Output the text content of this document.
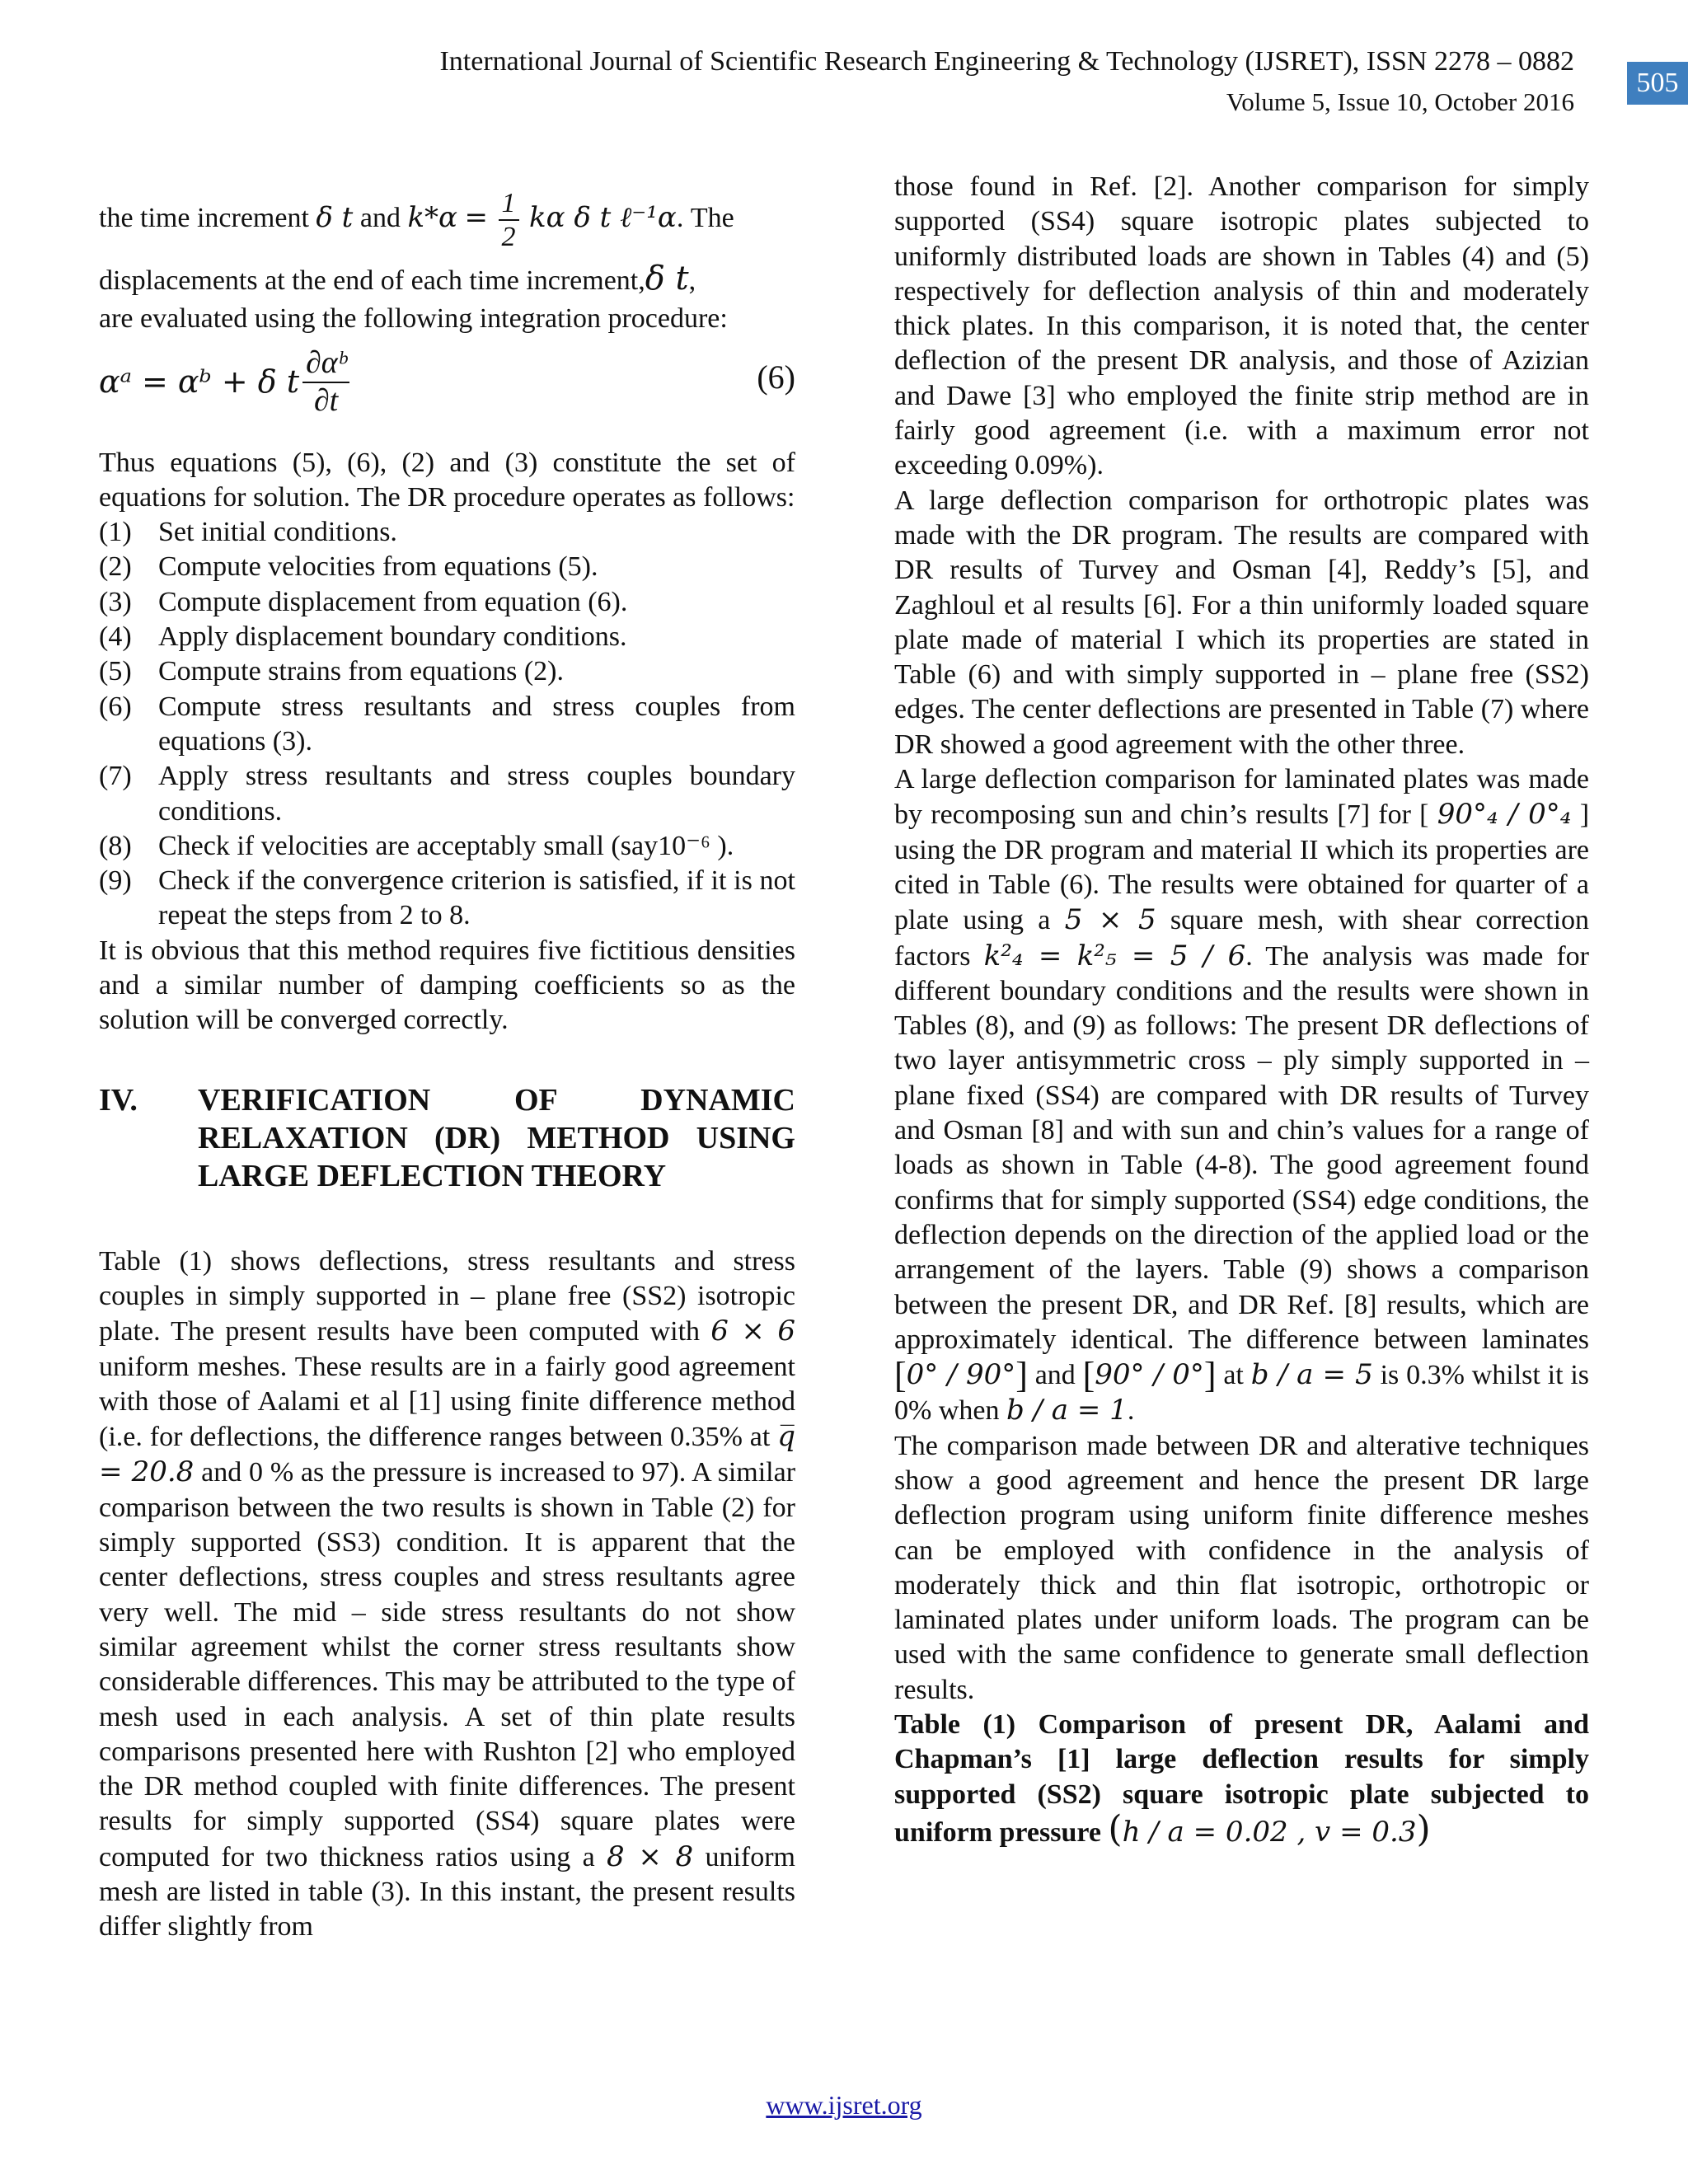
International Journal of Scientific Research Engineering & Technology (IJSRET), ISSN 2278 – 0882
Volume 5, Issue 10, October 2016
505

the time increment δ t and $k*\alpha = \frac{1}{2}$ kα δ t ℓ⁻¹α. The

displacements at the end of each time increment,δ t,

are evaluated using the following integration procedure:

αᵃ = αᵇ + δ t $\frac{\text{∂αᵇ}}{\partial t}$	(6)

Thus equations (5), (6), (2) and (3) constitute the set of equations for solution. The DR procedure operates as follows:

(1) Set initial conditions.
(2) Compute velocities from equations (5).
(3) Compute displacement from equation (6).
(4) Apply displacement boundary conditions.
(5) Compute strains from equations (2).
(6) Compute stress resultants and stress couples from equations (3).
(7) Apply stress resultants and stress couples boundary conditions.
(8) Check if velocities are acceptably small (say10⁻⁶ ).
(9) Check if the convergence criterion is satisfied, if it is not repeat the steps from 2 to 8.

It is obvious that this method requires five fictitious densities and a similar number of damping coefficients so as the solution will be converged correctly.

IV.	VERIFICATION OF DYNAMIC
RELAXATION (DR) METHOD USING
LARGE DEFLECTION THEORY

Table (1) shows deflections, stress resultants and stress couples in simply supported in – plane free (SS2) isotropic plate. The present results have been computed with 6 × 6 uniform meshes. These results are in a fairly good agreement with those of Aalami et al [1] using finite difference method (i.e. for deflections, the difference ranges between 0.35% at q̅ = 20.8 and 0 % as the pressure is increased to 97). A similar comparison between the two results is shown in Table (2) for simply supported (SS3) condition. It is apparent that the center deflections, stress couples and stress resultants agree very well. The mid – side stress resultants do not show similar agreement whilst the corner stress resultants show considerable differences. This may be attributed to the type of mesh used in each analysis. A set of thin plate results comparisons presented here with Rushton [2] who employed the DR method coupled with finite differences. The present results for simply supported (SS4) square plates were computed for two thickness ratios using a 8 × 8 uniform mesh are listed in table (3). In this instant, the present results differ slightly from

those found in Ref. [2]. Another comparison for simply supported (SS4) square isotropic plates subjected to uniformly distributed loads are shown in Tables (4) and (5) respectively for deflection analysis of thin and moderately thick plates. In this comparison, it is noted that, the center deflection of the present DR analysis, and those of Azizian and Dawe [3] who employed the finite strip method are in fairly good agreement (i.e. with a maximum error not exceeding 0.09%).

A large deflection comparison for orthotropic plates was made with the DR program. The results are compared with DR results of Turvey and Osman [4], Reddy’s [5], and Zaghloul et al results [6]. For a thin uniformly loaded square plate made of material I which its properties are stated in Table (6) and with simply supported in – plane free (SS2) edges. The center deflections are presented in Table (7) where DR showed a good agreement with the other three.

A large deflection comparison for laminated plates was made by recomposing sun and chin’s results [7] for [ 90°₄ / 0°₄ ] using the DR program and material II which its properties are cited in Table (6). The results were obtained for quarter of a plate using a 5 × 5 square mesh, with shear correction factors k²₄ = k²₅ = 5 / 6. The analysis was made for different boundary conditions and the results were shown in Tables (8), and (9) as follows: The present DR deflections of two layer antisymmetric cross – ply simply supported in – plane fixed (SS4) are compared with DR results of Turvey and Osman [8] and with sun and chin’s values for a range of loads as shown in Table (4-8). The good agreement found confirms that for simply supported (SS4) edge conditions, the deflection depends on the direction of the applied load or the arrangement of the layers. Table (9) shows a comparison between the present DR, and DR Ref. [8] results, which are approximately identical. The difference between laminates [0° / 90°] and [90° / 0°] at b / a = 5 is 0.3% whilst it is 0% when b / a = 1.

The comparison made between DR and alterative techniques show a good agreement and hence the present DR large deflection program using uniform finite difference meshes can be employed with confidence in the analysis of moderately thick and thin flat isotropic, orthotropic or laminated plates under uniform loads. The program can be used with the same confidence to generate small deflection results.

Table (1) Comparison of present DR, Aalami and Chapman’s [1] large deflection results for simply supported (SS2) square isotropic plate subjected to uniform pressure (h / a = 0.02 , v = 0.3)

www.ijsret.org
